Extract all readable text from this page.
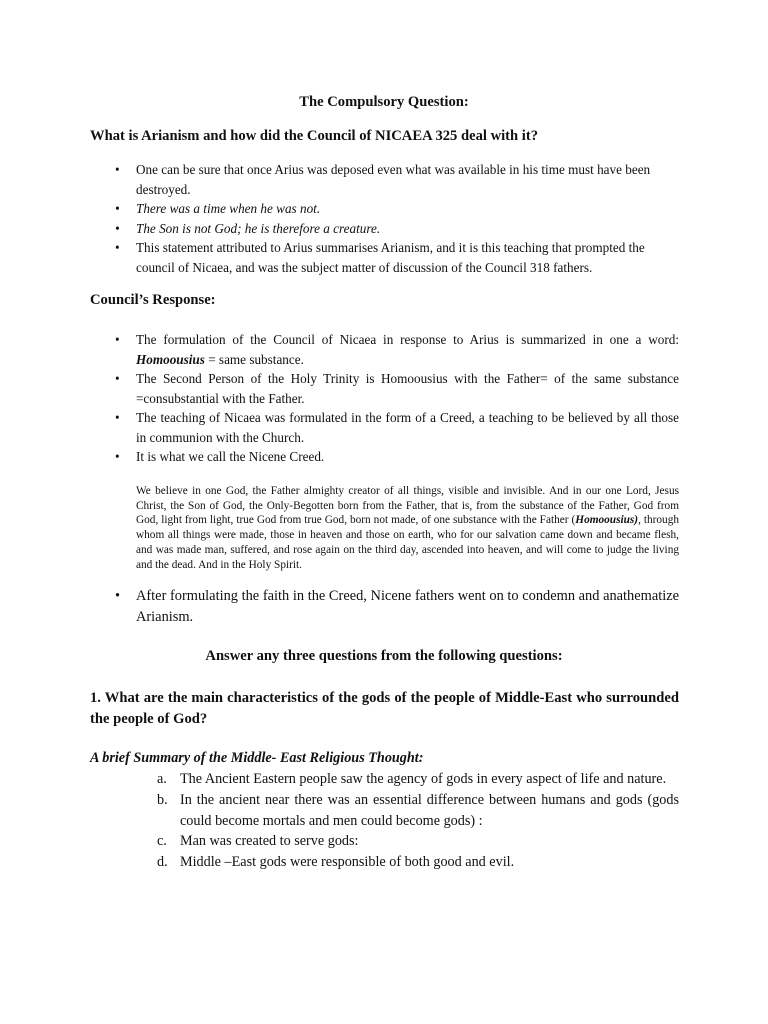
The Compulsory Question:
What is Arianism and how did the Council of NICAEA 325 deal with it?
• One can be sure that once Arius was deposed even what was available in his time must have been destroyed.
• There was a time when he was not.
• The Son is not God; he is therefore a creature.
• This statement attributed to Arius summarises Arianism, and it is this teaching that prompted the council of Nicaea, and was the subject matter of discussion of the Council 318 fathers.
Council’s Response:
• The formulation of the Council of Nicaea in response to Arius is summarized in one a word: Homoousius = same substance.
• The Second Person of the Holy Trinity is Homoousius with the Father= of the same substance =consubstantial with the Father.
• The teaching of Nicaea was formulated in the form of a Creed, a teaching to be believed by all those in communion with the Church.
• It is what we call the Nicene Creed.
We believe in one God, the Father almighty creator of all things, visible and invisible. And in our one Lord, Jesus Christ, the Son of God, the Only-Begotten born from the Father, that is, from the substance of the Father, God from God, light from light, true God from true God, born not made, of one substance with the Father (Homoousius), through whom all things were made, those in heaven and those on earth, who for our salvation came down and became flesh, and was made man, suffered, and rose again on the third day, ascended into heaven, and will come to judge the living and the dead. And in the Holy Spirit.
• After formulating the faith in the Creed, Nicene fathers went on to condemn and anathematize Arianism.
Answer any three questions from the following questions:
1. What are the main characteristics of the gods of the people of Middle-East who surrounded the people of God?
A brief Summary of the Middle- East Religious Thought:
a. The Ancient Eastern people saw the agency of gods in every aspect of life and nature.
b. In the ancient near there was an essential difference between humans and gods (gods could become mortals and men could become gods) :
c. Man was created to serve gods:
d. Middle –East gods were responsible of both good and evil.
